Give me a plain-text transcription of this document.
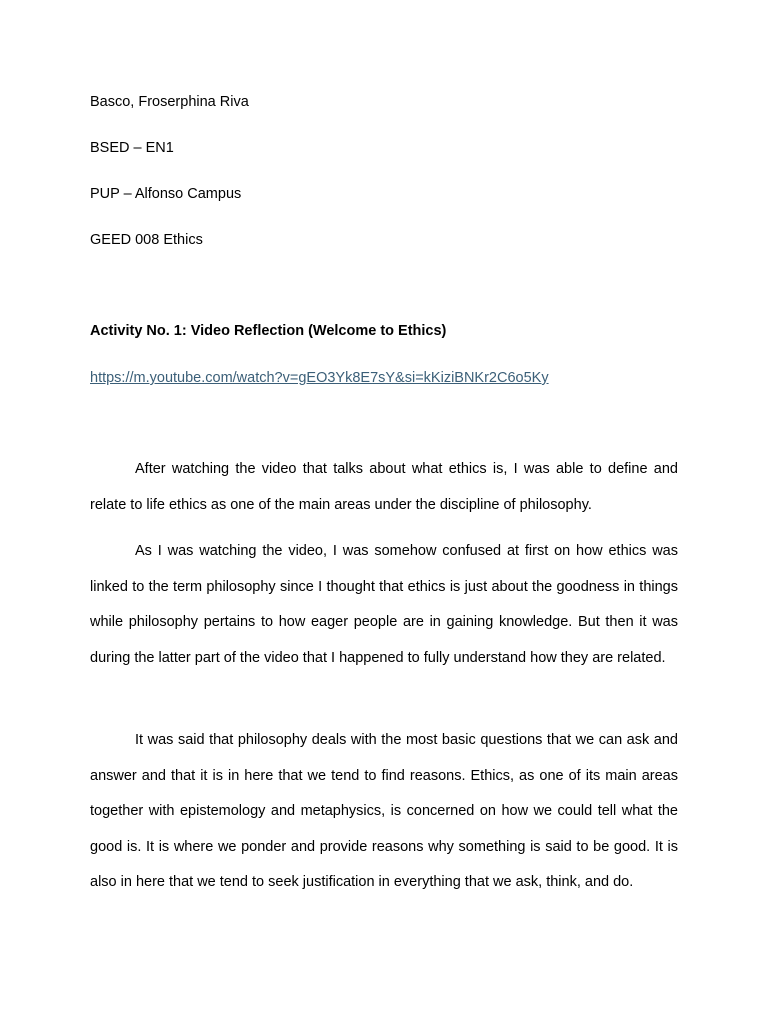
Basco, Froserphina Riva

BSED – EN1

PUP – Alfonso Campus

GEED 008 Ethics

Activity No. 1: Video Reflection (Welcome to Ethics)

https://m.youtube.com/watch?v=gEO3Yk8E7sY&si=kKiziBNKr2C6o5Ky

After watching the video that talks about what ethics is, I was able to define and relate to life ethics as one of the main areas under the discipline of philosophy.

As I was watching the video, I was somehow confused at first on how ethics was linked to the term philosophy since I thought that ethics is just about the goodness in things while philosophy pertains to how eager people are in gaining knowledge. But then it was during the latter part of the video that I happened to fully understand how they are related.

It was said that philosophy deals with the most basic questions that we can ask and answer and that it is in here that we tend to find reasons. Ethics, as one of its main areas together with epistemology and metaphysics, is concerned on how we could tell what the good is. It is where we ponder and provide reasons why something is said to be good. It is also in here that we tend to seek justification in everything that we ask, think, and do.
